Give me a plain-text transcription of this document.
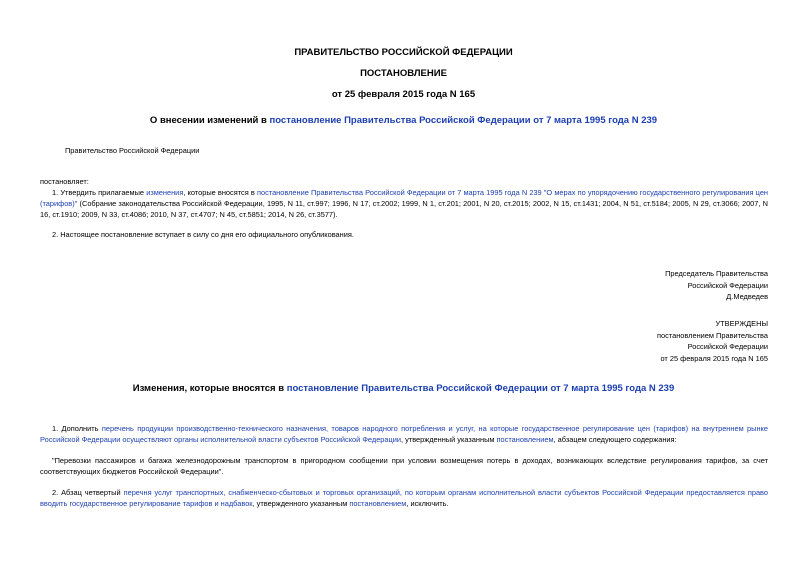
ПРАВИТЕЛЬСТВО РОССИЙСКОЙ ФЕДЕРАЦИИ
ПОСТАНОВЛЕНИЕ
от 25 февраля 2015 года N 165
О внесении изменений в постановление Правительства Российской Федерации от 7 марта 1995 года N 239
Правительство Российской Федерации
постановляет:
1. Утвердить прилагаемые изменения, которые вносятся в постановление Правительства Российской Федерации от 7 марта 1995 года N 239 "О мерах по упорядочению государственного регулирования цен (тарифов)" (Собрание законодательства Российской Федерации, 1995, N 11, ст.997; 1996, N 17, ст.2002; 1999, N 1, ст.201; 2001, N 20, ст.2015; 2002, N 15, ст.1431; 2004, N 51, ст.5184; 2005, N 29, ст.3066; 2007, N 16, ст.1910; 2009, N 33, ст.4086; 2010, N 37, ст.4707; N 45, ст.5851; 2014, N 26, ст.3577).
2. Настоящее постановление вступает в силу со дня его официального опубликования.
Председатель Правительства
Российской Федерации
Д.Медведев
УТВЕРЖДЕНЫ
постановлением Правительства
Российской Федерации
от 25 февраля 2015 года N 165
Изменения, которые вносятся в постановление Правительства Российской Федерации от 7 марта 1995 года N 239
1. Дополнить перечень продукции производственно-технического назначения, товаров народного потребления и услуг, на которые государственное регулирование цен (тарифов) на внутреннем рынке Российской Федерации осуществляют органы исполнительной власти субъектов Российской Федерации, утвержденный указанным постановлением, абзацем следующего содержания:
"Перевозки пассажиров и багажа железнодорожным транспортом в пригородном сообщении при условии возмещения потерь в доходах, возникающих вследствие регулирования тарифов, за счет соответствующих бюджетов Российской Федерации".
2. Абзац четвертый перечня услуг транспортных, снабженческо-сбытовых и торговых организаций, по которым органам исполнительной власти субъектов Российской Федерации предоставляется право вводить государственное регулирование тарифов и надбавок, утвержденного указанным постановлением, исключить.
